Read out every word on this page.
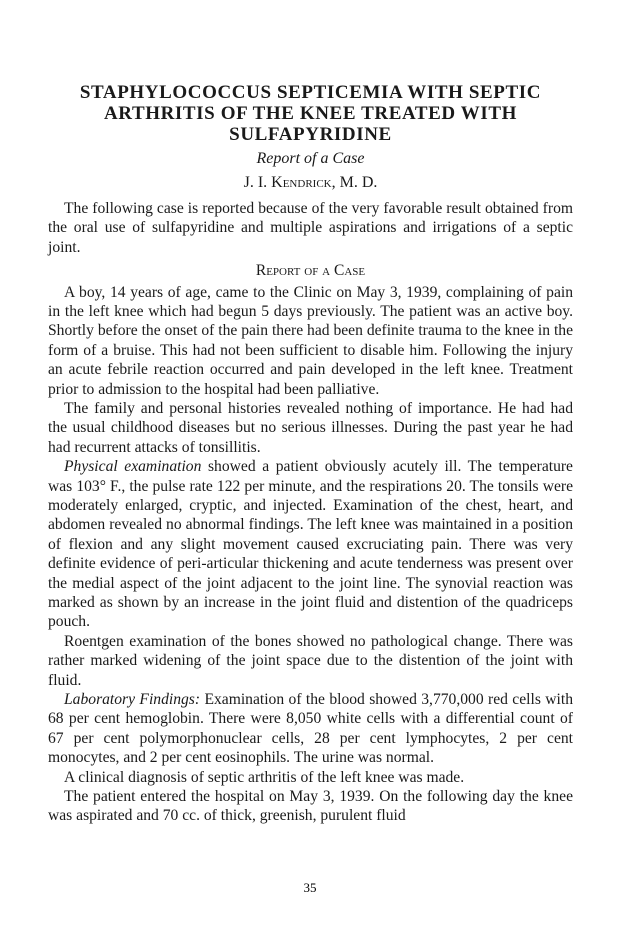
STAPHYLOCOCCUS SEPTICEMIA WITH SEPTIC
ARTHRITIS OF THE KNEE TREATED WITH
SULFAPYRIDINE
Report of a Case
J. I. Kendrick, M. D.

The following case is reported because of the very favorable result obtained from the oral use of sulfapyridine and multiple aspirations and irrigations of a septic joint.

Report of a Case

A boy, 14 years of age, came to the Clinic on May 3, 1939, complaining of pain in the left knee which had begun 5 days previously. The patient was an active boy. Shortly before the onset of the pain there had been definite trauma to the knee in the form of a bruise. This had not been sufficient to disable him. Following the injury an acute febrile reaction occurred and pain developed in the left knee. Treatment prior to admission to the hospital had been palliative.

The family and personal histories revealed nothing of importance. He had had the usual childhood diseases but no serious illnesses. During the past year he had had recurrent attacks of tonsillitis.

Physical examination showed a patient obviously acutely ill. The temperature was 103° F., the pulse rate 122 per minute, and the respirations 20. The tonsils were moderately enlarged, cryptic, and injected. Examination of the chest, heart, and abdomen revealed no abnormal findings. The left knee was maintained in a position of flexion and any slight movement caused excruciating pain. There was very definite evidence of peri-articular thickening and acute tenderness was present over the medial aspect of the joint adjacent to the joint line. The synovial reaction was marked as shown by an increase in the joint fluid and distention of the quadriceps pouch.

Roentgen examination of the bones showed no pathological change. There was rather marked widening of the joint space due to the distention of the joint with fluid.

Laboratory Findings: Examination of the blood showed 3,770,000 red cells with 68 per cent hemoglobin. There were 8,050 white cells with a differential count of 67 per cent polymorphonuclear cells, 28 per cent lymphocytes, 2 per cent monocytes, and 2 per cent eosinophils. The urine was normal.

A clinical diagnosis of septic arthritis of the left knee was made.

The patient entered the hospital on May 3, 1939. On the following day the knee was aspirated and 70 cc. of thick, greenish, purulent fluid

35
